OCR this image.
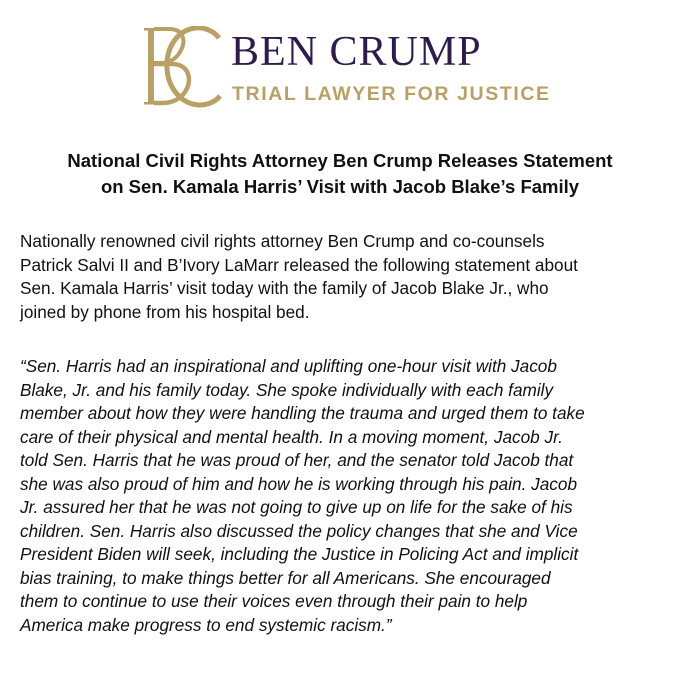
BEN CRUMP
TRIAL LAWYER FOR JUSTICE
National Civil Rights Attorney Ben Crump Releases Statement
on Sen. Kamala Harris’ Visit with Jacob Blake’s Family
Nationally renowned civil rights attorney Ben Crump and co-counsels
Patrick Salvi II and B’Ivory LaMarr released the following statement about
Sen. Kamala Harris’ visit today with the family of Jacob Blake Jr., who
joined by phone from his hospital bed.
“Sen. Harris had an inspirational and uplifting one-hour visit with Jacob
Blake, Jr. and his family today. She spoke individually with each family
member about how they were handling the trauma and urged them to take
care of their physical and mental health. In a moving moment, Jacob Jr.
told Sen. Harris that he was proud of her, and the senator told Jacob that
she was also proud of him and how he is working through his pain. Jacob
Jr. assured her that he was not going to give up on life for the sake of his
children. Sen. Harris also discussed the policy changes that she and Vice
President Biden will seek, including the Justice in Policing Act and implicit
bias training, to make things better for all Americans. She encouraged
them to continue to use their voices even through their pain to help
America make progress to end systemic racism.”
